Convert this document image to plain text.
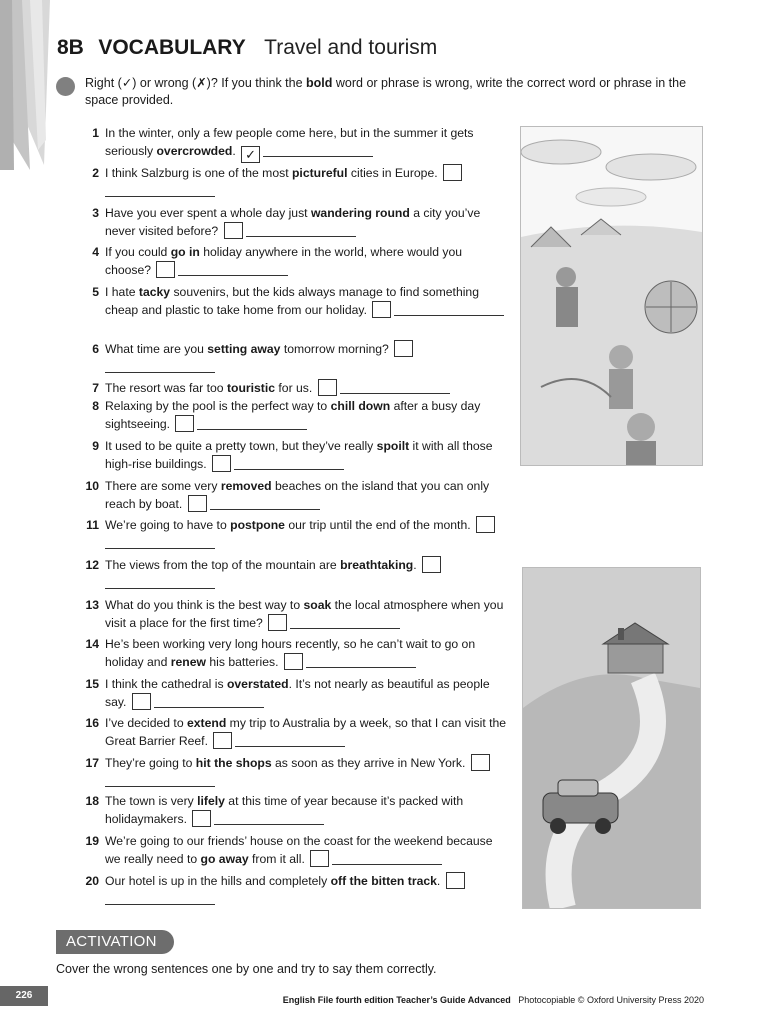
8B VOCABULARY Travel and tourism
Right (✓) or wrong (✗)? If you think the bold word or phrase is wrong, write the correct word or phrase in the space provided.
1 In the winter, only a few people come here, but in the summer it gets seriously overcrowded. ✓
2 I think Salzburg is one of the most pictureful cities in Europe.
3 Have you ever spent a whole day just wandering round a city you’ve never visited before?
4 If you could go in holiday anywhere in the world, where would you choose?
5 I hate tacky souvenirs, but the kids always manage to find something cheap and plastic to take home from our holiday.
6 What time are you setting away tomorrow morning?
7 The resort was far too touristic for us.
8 Relaxing by the pool is the perfect way to chill down after a busy day sightseeing.
9 It used to be quite a pretty town, but they’ve really spoilt it with all those high-rise buildings.
10 There are some very removed beaches on the island that you can only reach by boat.
11 We’re going to have to postpone our trip until the end of the month.
12 The views from the top of the mountain are breathtaking.
13 What do you think is the best way to soak the local atmosphere when you visit a place for the first time?
14 He’s been working very long hours recently, so he can’t wait to go on holiday and renew his batteries.
15 I think the cathedral is overstated. It’s not nearly as beautiful as people say.
16 I’ve decided to extend my trip to Australia by a week, so that I can visit the Great Barrier Reef.
17 They’re going to hit the shops as soon as they arrive in New York.
18 The town is very lifely at this time of year because it’s packed with holidaymakers.
19 We’re going to our friends’ house on the coast for the weekend because we really need to go away from it all.
20 Our hotel is up in the hills and completely off the bitten track.
ACTIVATION
Cover the wrong sentences one by one and try to say them correctly.
226	English File fourth edition Teacher’s Guide Advanced Photocopiable © Oxford University Press 2020
